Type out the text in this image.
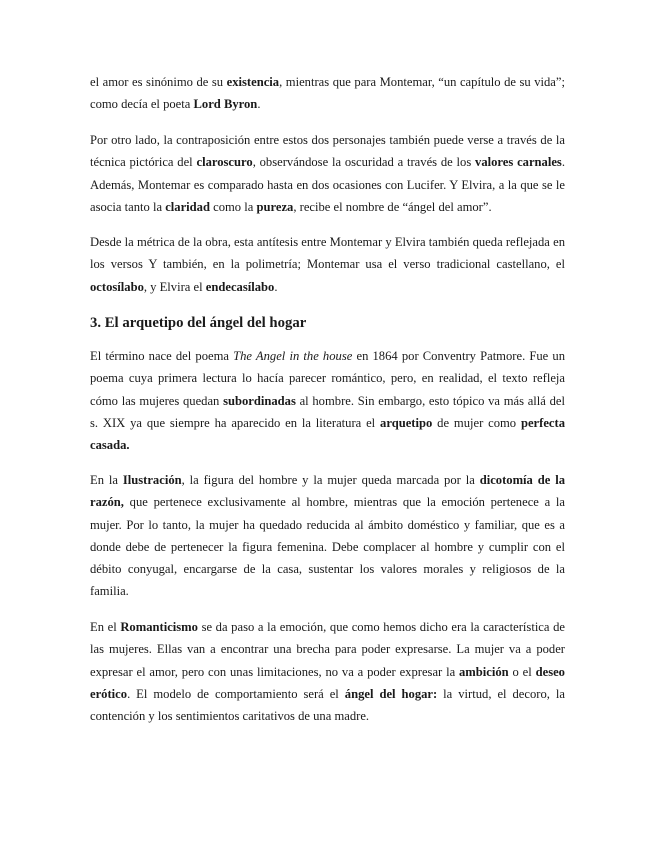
el amor es sinónimo de su existencia, mientras que para Montemar, “un capítulo de su vida”; como decía el poeta Lord Byron.

Por otro lado, la contraposición entre estos dos personajes también puede verse a través de la técnica pictórica del claroscuro, observándose la oscuridad a través de los valores carnales. Además, Montemar es comparado hasta en dos ocasiones con Lucifer. Y Elvira, a la que se le asocia tanto la claridad como la pureza, recibe el nombre de “ángel del amor”.

Desde la métrica de la obra, esta antítesis entre Montemar y Elvira también queda reflejada en los versos Y también, en la polimetría; Montemar usa el verso tradicional castellano, el octosílabo, y Elvira el endecasílabo.

3. El arquetipo del ángel del hogar

El término nace del poema The Angel in the house en 1864 por Conventry Patmore. Fue un poema cuya primera lectura lo hacía parecer romántico, pero, en realidad, el texto refleja cómo las mujeres quedan subordinadas al hombre. Sin embargo, esto tópico va más allá del s. XIX ya que siempre ha aparecido en la literatura el arquetipo de mujer como perfecta casada.

En la Ilustración, la figura del hombre y la mujer queda marcada por la dicotomía de la razón, que pertenece exclusivamente al hombre, mientras que la emoción pertenece a la mujer. Por lo tanto, la mujer ha quedado reducida al ámbito doméstico y familiar, que es a donde debe de pertenecer la figura femenina. Debe complacer al hombre y cumplir con el débito conyugal, encargarse de la casa, sustentar los valores morales y religiosos de la familia.

En el Romanticismo se da paso a la emoción, que como hemos dicho era la característica de las mujeres. Ellas van a encontrar una brecha para poder expresarse. La mujer va a poder expresar el amor, pero con unas limitaciones, no va a poder expresar la ambición o el deseo erótico. El modelo de comportamiento será el ángel del hogar: la virtud, el decoro, la contención y los sentimientos caritativos de una madre.
